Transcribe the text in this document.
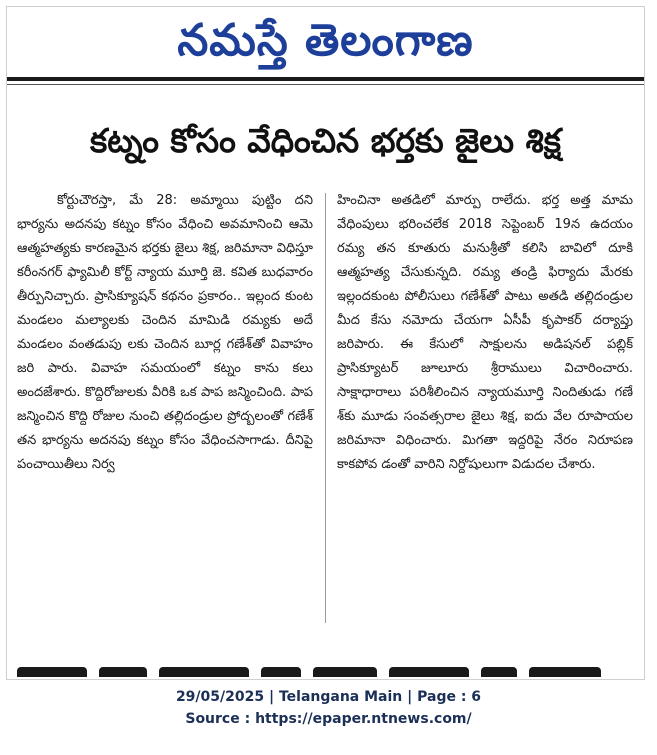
నమస్తే తెలంగాణ
కట్నం కోసం వేధించిన భర్తకు జైలు శిక్ష

కోర్టుచౌరస్తా, మే 28: అమ్మాయి పుట్టిం దని భార్యను అదనపు కట్నం కోసం వేధించి అవమానించి ఆమె ఆత్మహత్యకు కారణమైన భర్తకు జైలు శిక్ష, జరిమానా విధిస్తూ కరీంనగర్ ఫ్యామిలీ కోర్ట్ న్యాయ మూర్తి జె. కవిత బుధవారం తీర్పునిచ్చారు. ప్రాసిక్యూషన్ కథనం ప్రకారం.. ఇల్లంద కుంట మండలం మల్యాలకు చెందిన మామిడి రమ్యకు అదే మండలం వంతడుపు లకు చెందిన బూర్ల గణేశ్‌తో వివాహం జరి పారు. వివాహ సమయంలో కట్నం కాను కలు అందజేశారు. కొద్దిరోజులకు వీరికి ఒక పాప జన్మించింది. పాప జన్మించిన కొద్ది రోజుల నుంచి తల్లిదండ్రుల ప్రోద్బలంతో గణేశ్ తన భార్యను అదనపు కట్నం కోసం వేధించసాగాడు. దీనిపై పంచాయితీలు నిర్వ

హించినా అతడిలో మార్పు రాలేదు. భర్త అత్త మామ వేధింపులు భరించలేక 2018 సెప్టెంబర్ 19న ఉదయం రమ్య తన కూతురు మనుశ్రీతో కలిసి బావిలో దూకి ఆత్మహత్య చేసుకున్నది. రమ్య తండ్రి ఫిర్యాదు మేరకు ఇల్లందకుంట పోలీసులు గణేశ్‌తో పాటు అతడి తల్లిదండ్రుల మీద కేసు నమోదు చేయగా ఏసీపీ కృపాకర్ దర్యాప్తు జరిపారు. ఈ కేసులో సాక్షులను అడిషనల్ పబ్లిక్ ప్రాసిక్యూటర్ జూలూరు శ్రీరాములు విచారించారు. సాక్షాధారాలు పరిశీలించిన న్యాయమూర్తి నిందితుడు గణే శ్‌కు మూడు సంవత్సరాల జైలు శిక్ష, ఐదు వేల రూపాయల జరిమానా విధించారు. మిగతా ఇద్దరిపై నేరం నిరూపణ కాకపోవ డంతో వారిని నిర్దోషులుగా విడుదల చేశారు.

29/05/2025 | Telangana Main | Page : 6
Source : https://epaper.ntnews.com/
